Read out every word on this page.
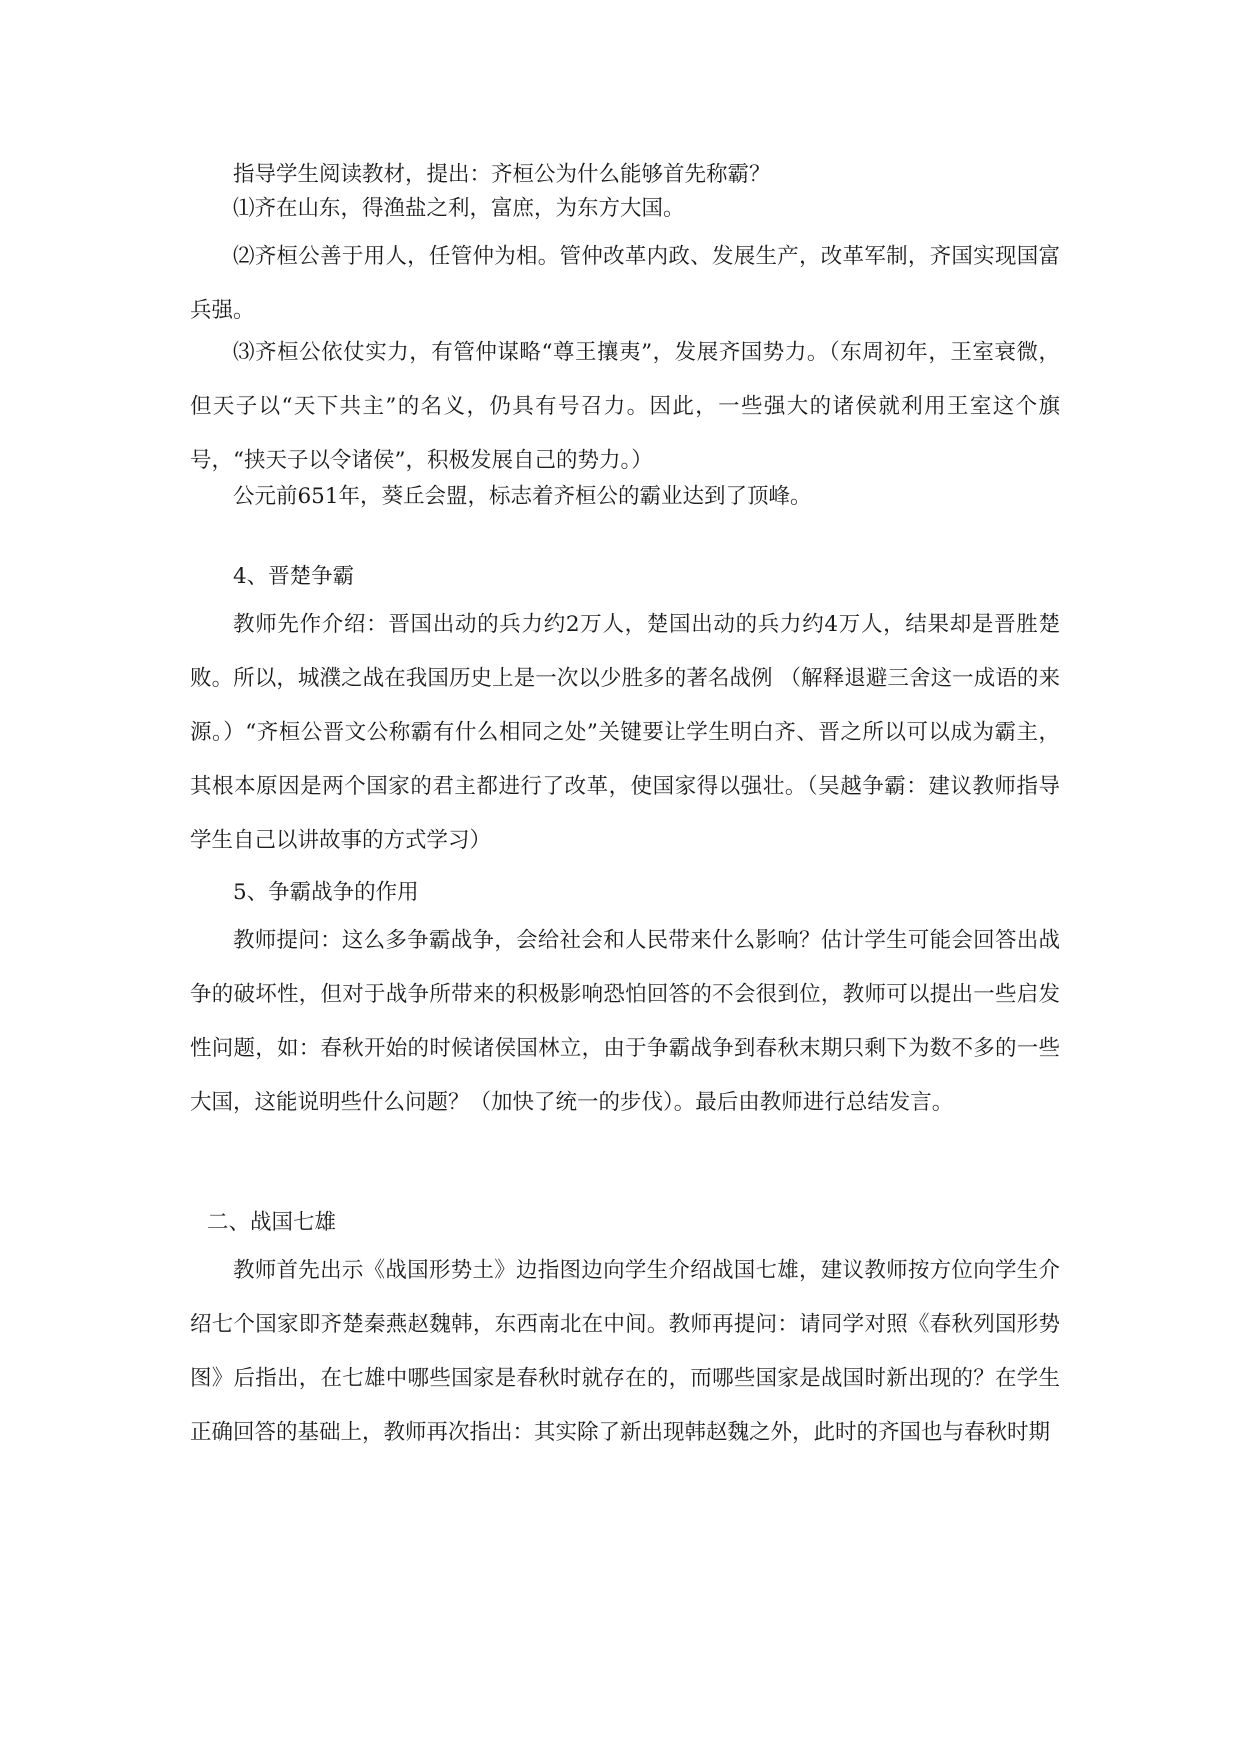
指导学生阅读教材，提出：齐桓公为什么能够首先称霸？

⑴齐在山东，得渔盐之利，富庶，为东方大国。

⑵齐桓公善于用人，任管仲为相。管仲改革内政、发展生产，改革军制，齐国实现国富兵强。

⑶齐桓公依仗实力，有管仲谋略“尊王攘夷”，发展齐国势力。（东周初年，王室衰微，但天子以“天下共主”的名义，仍具有号召力。因此，一些强大的诸侯就利用王室这个旗号，“挟天子以令诸侯”，积极发展自己的势力。）

公元前651年，葵丘会盟，标志着齐桓公的霸业达到了顶峰。

4、晋楚争霸

教师先作介绍：晋国出动的兵力约2万人，楚国出动的兵力约4万人，结果却是晋胜楚败。所以，城濮之战在我国历史上是一次以少胜多的著名战例 （解释退避三舍这一成语的来源。）“齐桓公晋文公称霸有什么相同之处”关键要让学生明白齐、晋之所以可以成为霸主，其根本原因是两个国家的君主都进行了改革，使国家得以强壮。（吴越争霸：建议教师指导学生自己以讲故事的方式学习）

5、争霸战争的作用

教师提问：这么多争霸战争，会给社会和人民带来什么影响？估计学生可能会回答出战争的破坏性，但对于战争所带来的积极影响恐怕回答的不会很到位，教师可以提出一些启发性问题，如：春秋开始的时候诸侯国林立，由于争霸战争到春秋末期只剩下为数不多的一些大国，这能说明些什么问题？（加快了统一的步伐）。最后由教师进行总结发言。

二、战国七雄

教师首先出示《战国形势土》边指图边向学生介绍战国七雄，建议教师按方位向学生介绍七个国家即齐楚秦燕赵魏韩，东西南北在中间。教师再提问：请同学对照《春秋列国形势图》后指出，在七雄中哪些国家是春秋时就存在的，而哪些国家是战国时新出现的？在学生正确回答的基础上，教师再次指出：其实除了新出现韩赵魏之外，此时的齐国也与春秋时期
